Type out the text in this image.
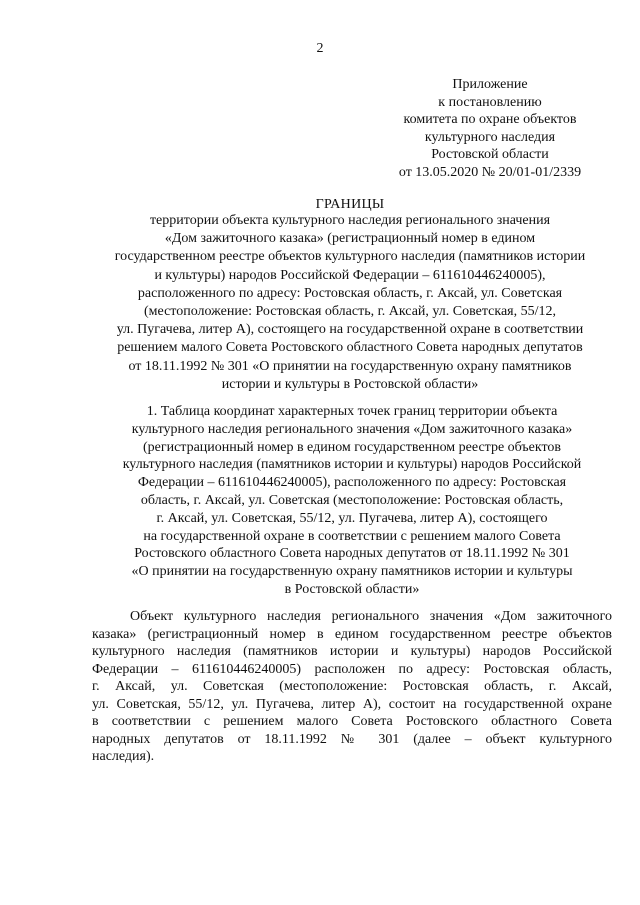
2
Приложение
к постановлению
комитета по охране объектов
культурного наследия
Ростовской области
от 13.05.2020 № 20/01-01/2339
ГРАНИЦЫ
территории объекта культурного наследия регионального значения
«Дом зажиточного казака» (регистрационный номер в едином
государственном реестре объектов культурного наследия (памятников истории
и культуры) народов Российской Федерации – 611610446240005),
расположенного по адресу: Ростовская область, г. Аксай, ул. Советская
(местоположение: Ростовская область, г. Аксай, ул. Советская, 55/12,
ул. Пугачева, литер А), состоящего на государственной охране в соответствии
решением малого Совета Ростовского областного Совета народных депутатов
от 18.11.1992 № 301 «О принятии на государственную охрану памятников
истории и культуры в Ростовской области»
1. Таблица координат характерных точек границ территории объекта
культурного наследия регионального значения «Дом зажиточного казака»
(регистрационный номер в едином государственном реестре объектов
культурного наследия (памятников истории и культуры) народов Российской
Федерации – 611610446240005), расположенного по адресу: Ростовская
область, г. Аксай, ул. Советская (местоположение: Ростовская область,
г. Аксай, ул. Советская, 55/12, ул. Пугачева, литер А), состоящего
на государственной охране в соответствии с решением малого Совета
Ростовского областного Совета народных депутатов от 18.11.1992 № 301
«О принятии на государственную охрану памятников истории и культуры
в Ростовской области»
Объект культурного наследия регионального значения «Дом зажиточного
казака» (регистрационный номер в едином государственном реестре объектов
культурного наследия (памятников истории и культуры) народов Российской
Федерации – 611610446240005) расположен по адресу: Ростовская область,
г. Аксай, ул. Советская (местоположение: Ростовская область, г. Аксай,
ул. Советская, 55/12, ул. Пугачева, литер А), состоит на государственной охране
в соответствии с решением малого Совета Ростовского областного Совета
народных депутатов от 18.11.1992 № 301 (далее – объект культурного
наследия).
